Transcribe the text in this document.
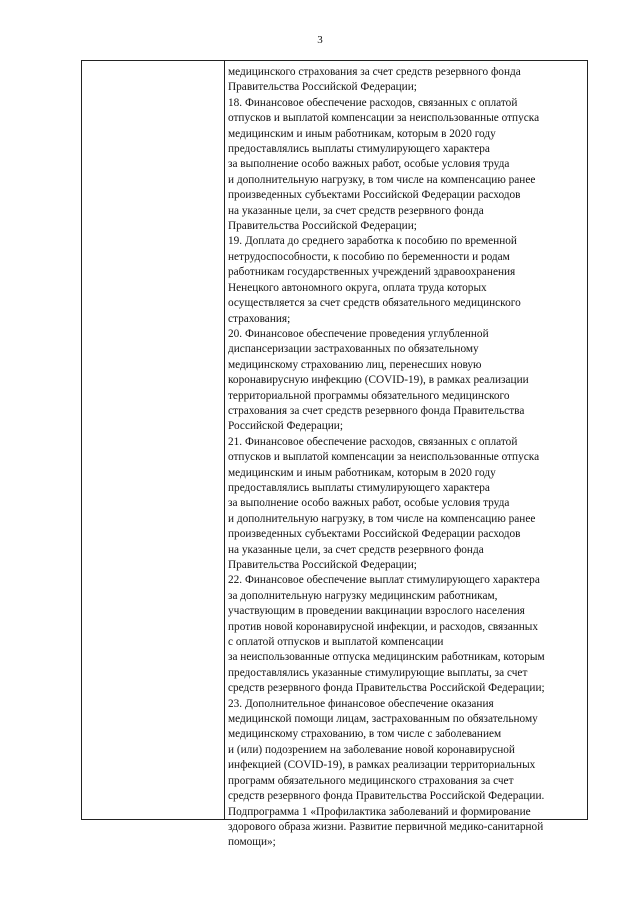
3
медицинского страхования за счет средств резервного фонда
Правительства Российской Федерации;
18. Финансовое обеспечение расходов, связанных с оплатой
отпусков и выплатой компенсации за неиспользованные отпуска
медицинским и иным работникам, которым в 2020 году
предоставлялись выплаты стимулирующего характера
за выполнение особо важных работ, особые условия труда
и дополнительную нагрузку, в том числе на компенсацию ранее
произведенных субъектами Российской Федерации расходов
на указанные цели, за счет средств резервного фонда
Правительства Российской Федерации;
19. Доплата до среднего заработка к пособию по временной
нетрудоспособности, к пособию по беременности и родам
работникам государственных учреждений здравоохранения
Ненецкого автономного округа, оплата труда которых
осуществляется за счет средств обязательного медицинского
страхования;
20. Финансовое обеспечение проведения углубленной
диспансеризации застрахованных по обязательному
медицинскому страхованию лиц, перенесших новую
коронавирусную инфекцию (COVID-19), в рамках реализации
территориальной программы обязательного медицинского
страхования за счет средств резервного фонда Правительства
Российской Федерации;
21. Финансовое обеспечение расходов, связанных с оплатой
отпусков и выплатой компенсации за неиспользованные отпуска
медицинским и иным работникам, которым в 2020 году
предоставлялись выплаты стимулирующего характера
за выполнение особо важных работ, особые условия труда
и дополнительную нагрузку, в том числе на компенсацию ранее
произведенных субъектами Российской Федерации расходов
на указанные цели, за счет средств резервного фонда
Правительства Российской Федерации;
22. Финансовое обеспечение выплат стимулирующего характера
за дополнительную нагрузку медицинским работникам,
участвующим в проведении вакцинации взрослого населения
против новой коронавирусной инфекции, и расходов, связанных
с оплатой отпусков и выплатой компенсации
за неиспользованные отпуска медицинским работникам, которым
предоставлялись указанные стимулирующие выплаты, за счет
средств резервного фонда Правительства Российской Федерации;
23. Дополнительное финансовое обеспечение оказания
медицинской помощи лицам, застрахованным по обязательному
медицинскому страхованию, в том числе с заболеванием
и (или) подозрением на заболевание новой коронавирусной
инфекцией (COVID-19), в рамках реализации территориальных
программ обязательного медицинского страхования за счет
средств резервного фонда Правительства Российской Федерации.
Подпрограмма 1 «Профилактика заболеваний и формирование
здорового образа жизни. Развитие первичной медико-санитарной
помощи»;
